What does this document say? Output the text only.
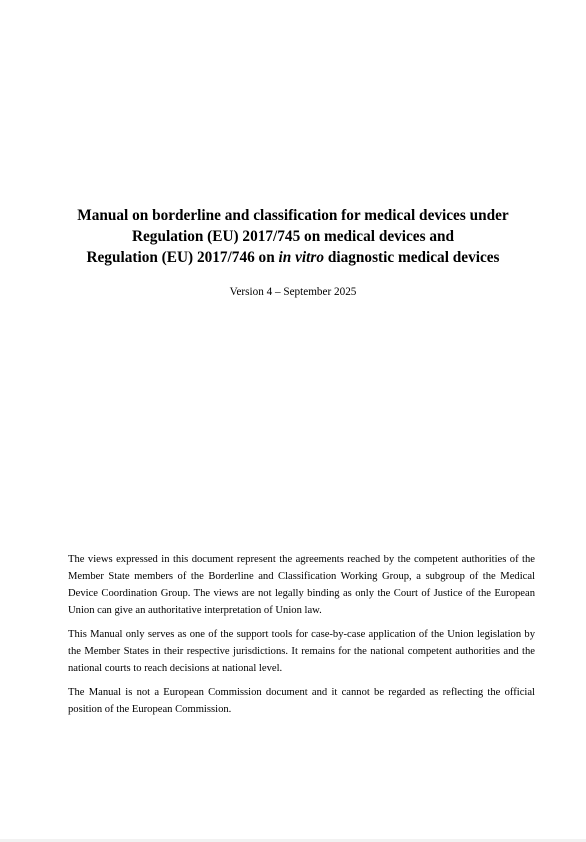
Manual on borderline and classification for medical devices under

Regulation (EU) 2017/745 on medical devices and

Regulation (EU) 2017/746 on in vitro diagnostic medical devices

Version 4 – September 2025

The views expressed in this document represent the agreements reached by the competent authorities of the Member State members of the Borderline and Classification Working Group, a subgroup of the Medical Device Coordination Group. The views are not legally binding as only the Court of Justice of the European Union can give an authoritative interpretation of Union law.

This Manual only serves as one of the support tools for case-by-case application of the Union legislation by the Member States in their respective jurisdictions. It remains for the national competent authorities and the national courts to reach decisions at national level.

The Manual is not a European Commission document and it cannot be regarded as reflecting the official position of the European Commission.
